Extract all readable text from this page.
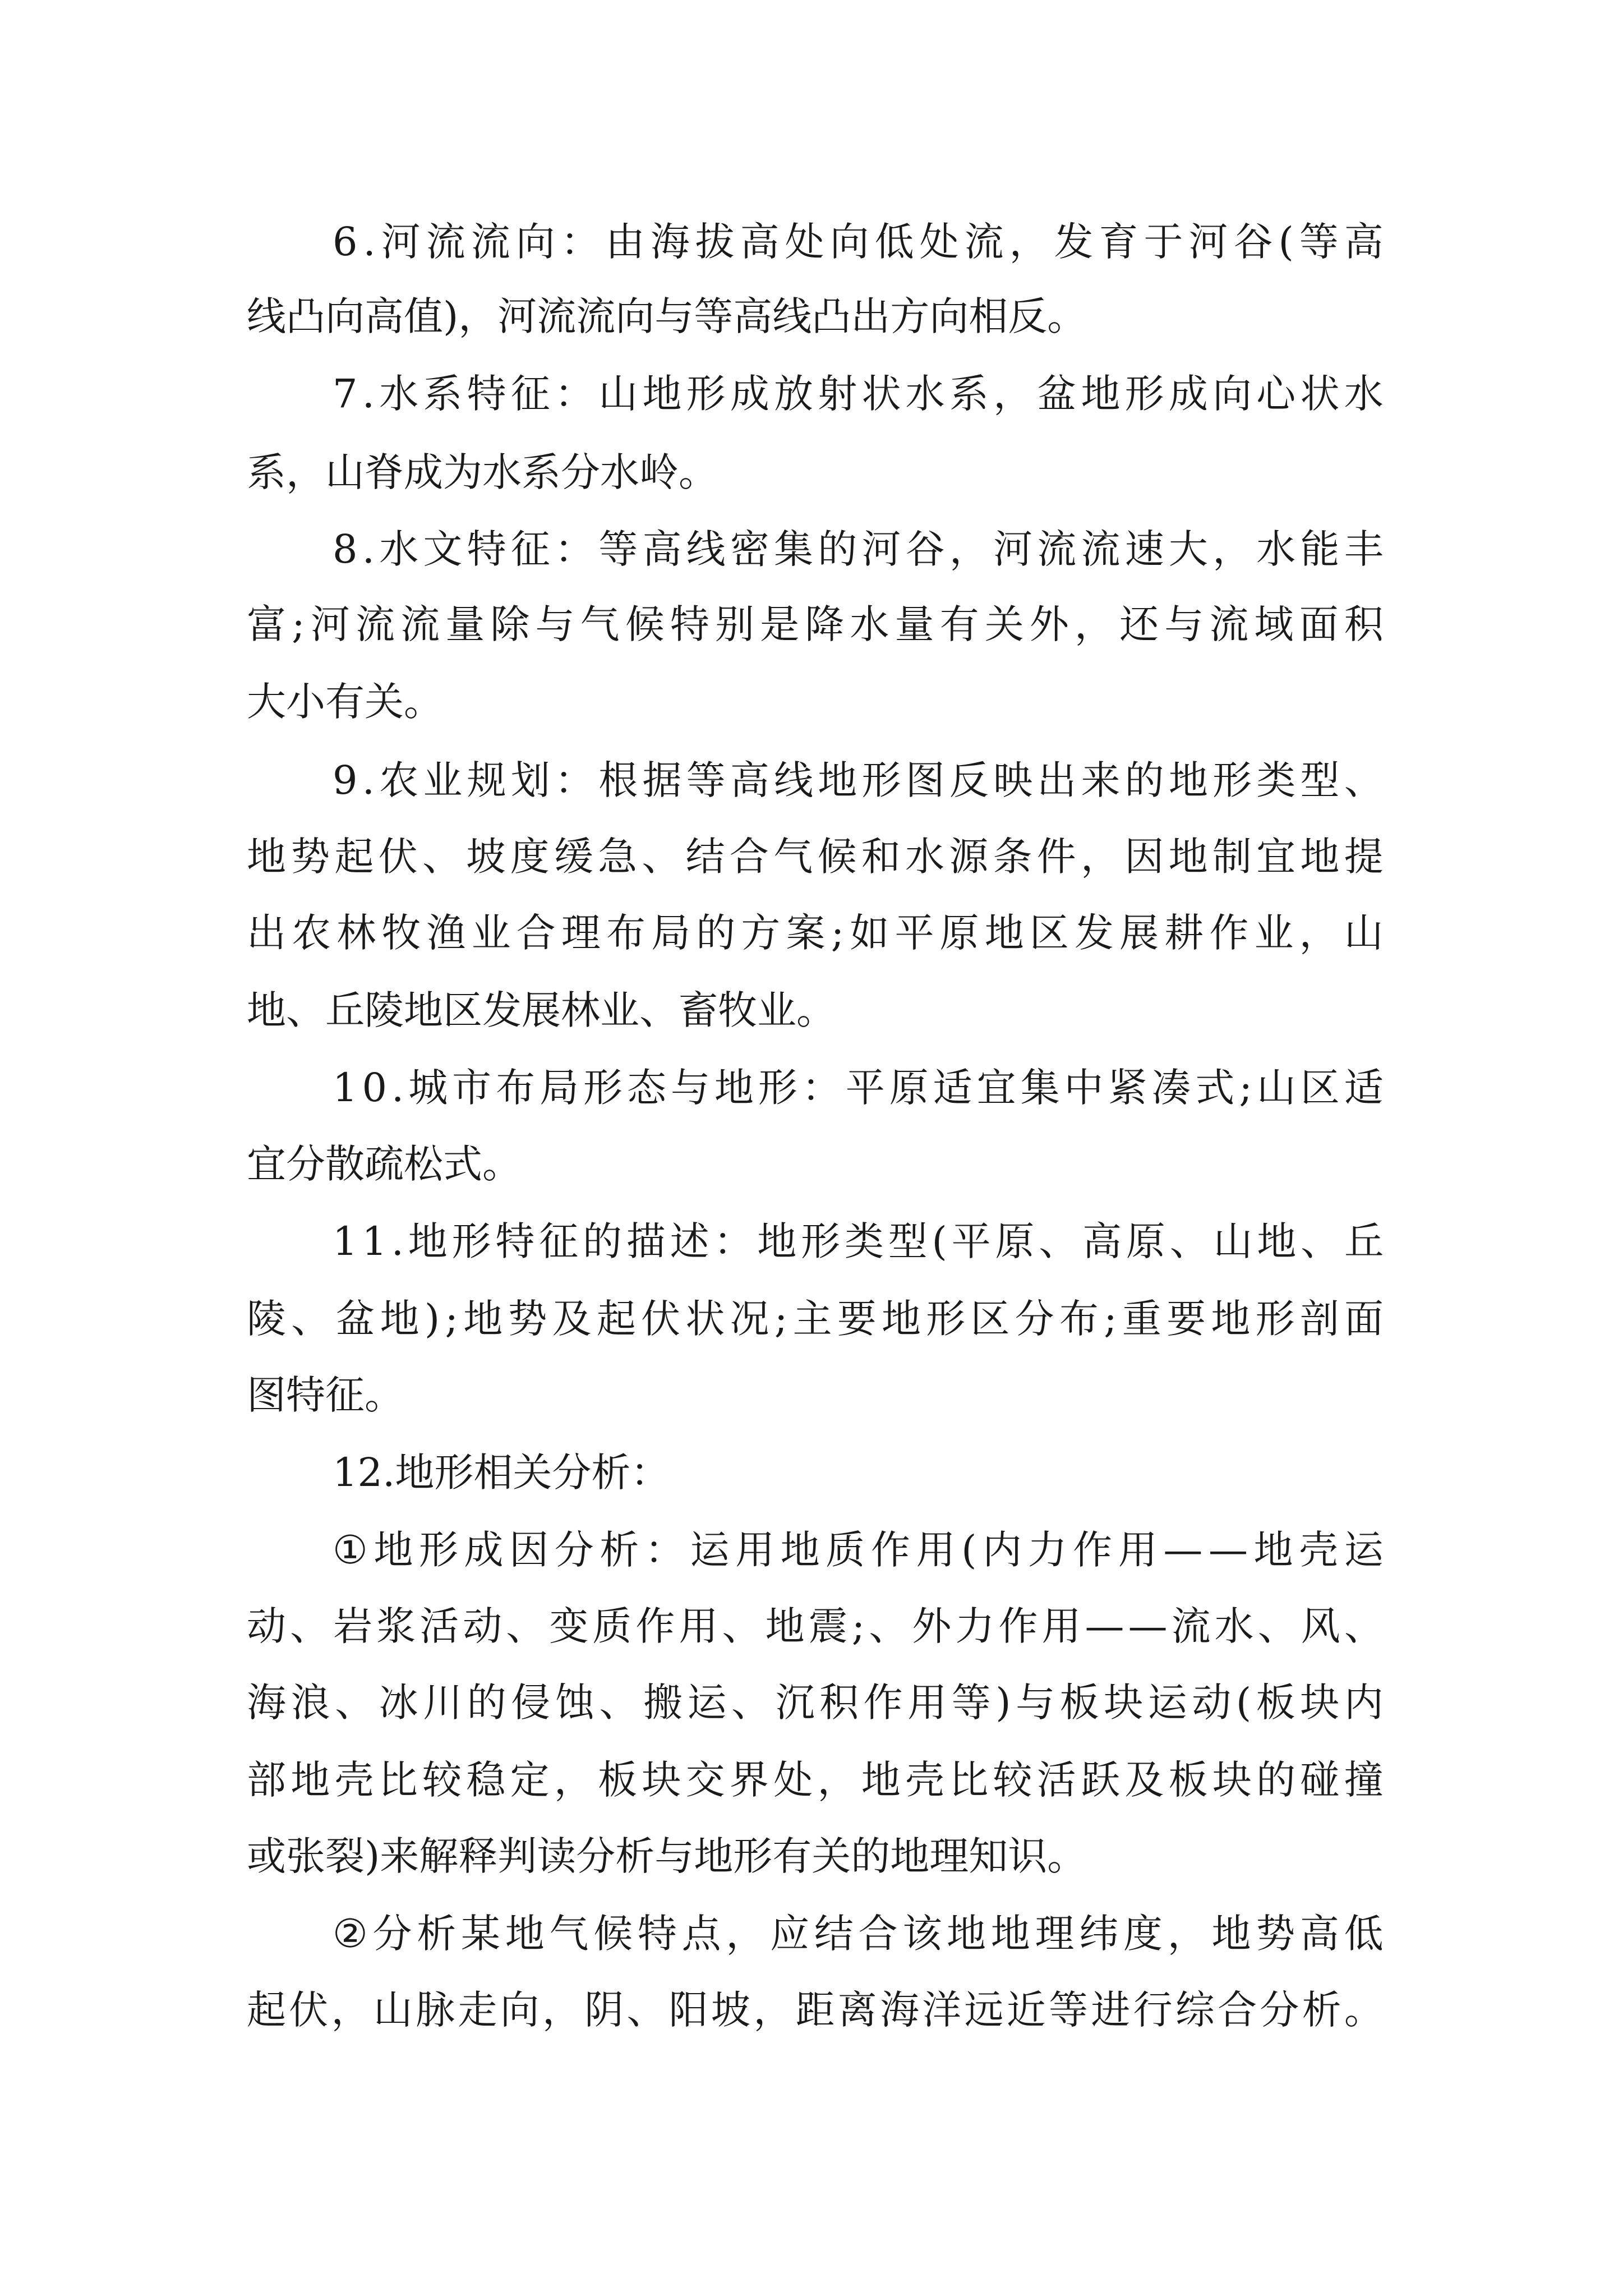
6 . 河 流 流 向 ： 由 海 拔 高 处 向 低 处 流 ， 发 育 于 河 谷 ( 等 高

线凸向高值)，河流流向与等高线凸出方向相反。

7 . 水 系 特 征 ： 山 地 形 成 放 射 状 水 系 ， 盆 地 形 成 向 心 状 水

系，山脊成为水系分水岭。

8 . 水 文 特 征 ： 等 高 线 密 集 的 河 谷 ， 河 流 流 速 大 ， 水 能 丰

富 ; 河 流 流 量 除 与 气 候 特 别 是 降 水 量 有 关 外 ， 还 与 流 域 面 积

大小有关。

9 . 农 业 规 划 ： 根 据 等 高 线 地 形 图 反 映 出 来 的 地 形 类 型 、

地 势 起 伏 、 坡 度 缓 急 、 结 合 气 候 和 水 源 条 件 ， 因 地 制 宜 地 提

出 农 林 牧 渔 业 合 理 布 局 的 方 案 ; 如 平 原 地 区 发 展 耕 作 业 ， 山

地、丘陵地区发展林业、畜牧业。

1 0 . 城 市 布 局 形 态 与 地 形 ： 平 原 适 宜 集 中 紧 凑 式 ; 山 区 适

宜分散疏松式。

1 1 . 地 形 特 征 的 描 述 ： 地 形 类 型 ( 平 原 、 高 原 、 山 地 、 丘

陵 、 盆 地 ) ; 地 势 及 起 伏 状 况 ; 主 要 地 形 区 分 布 ; 重 要 地 形 剖 面

图特征。

12.地形相关分析：

① 地 形 成 因 分 析 ： 运 用 地 质 作 用 ( 内 力 作 用 — — 地 壳 运

动 、 岩 浆 活 动 、 变 质 作 用 、 地 震 ; 、 外 力 作 用 — — 流 水 、 风 、

海 浪 、 冰 川 的 侵 蚀 、 搬 运 、 沉 积 作 用 等 ) 与 板 块 运 动 ( 板 块 内

部 地 壳 比 较 稳 定 ， 板 块 交 界 处 ， 地 壳 比 较 活 跃 及 板 块 的 碰 撞

或张裂)来解释判读分析与地形有关的地理知识。

② 分 析 某 地 气 候 特 点 ， 应 结 合 该 地 地 理 纬 度 ， 地 势 高 低

起 伏 ， 山 脉 走 向 ， 阴 、 阳 坡 ， 距 离 海 洋 远 近 等 进 行 综 合 分 析 。
